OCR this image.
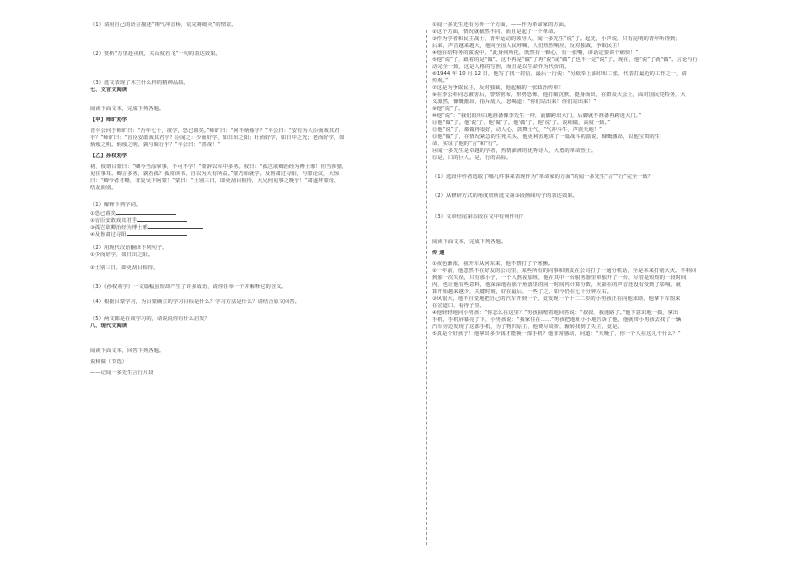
（1）请用自己的语言描述“翔气冲击桥，荒完将破灭”的情景。
（2）赏析“万里赴戎机，关山度若飞”一句的表达效果。
（3）选文表现了木兰什么样的精神品质。
七、文言文阅读
阅读下面文本，完成下列各题。
【甲】师旷劝学
晋平公问于师旷曰：“吾年七十，欲学，恐已暮矣。”师旷曰：“何不炳烛乎？”平公曰：“安有为人臣而戏其君
乎？”师旷曰：“盲臣安敢戏其君乎？臣闻之：少而好学，如日出之阳；壮而好学，如日中之光；老而好学，如
炳烛之明。炳烛之明，孰与昧行乎？”平公曰：“善哉！”
【乙】孙权劝学
初，权谓吕蒙曰：“卿今当涂掌事，不可不学！”蒙辞以军中多务。权曰：“孤岂欲卿治经为博士邪！但当涉猎，
见往事耳。卿言多务，孰若孤？孤常读书，自以为大有所益。”蒙乃始就学。及鲁肃过寻阳，与蒙论议，大惊
曰：“卿今者才略，非复吴下阿蒙！”蒙曰：“士别三日，即更刮目相待，大兄何见事之晚乎！”肃遂拜蒙母，
结友而别。
（1）解释下列字词。
①恐已暮矣
②盲臣安敢戏其君乎
③孤岂欲卿治经为博士邪
④及鲁肃过寻阳
（2）用现代汉语翻译下列句子。
①少而好学，如日出之阳。
②士别三日，即更刮目相待。
（3）《孙权劝学》一文篇幅虽短却产生了许多成语，请你任举一个并解释它的含义。
（4）根据吕蒙学习，为吕蒙确立的学习目标是什么？学习方法是什么？请结合原文回答。
（5）两文都是在谈学习的，请说说你有什么启发？
八、现代文阅读
阅读下面文本，回答下列各题。
说和做（节选）
——记闻一多先生言行片段
①闻一多先生还有另外一个方面，——作为革命家的方面。
②这个方面，情况就截然不同，而且是起了一个革命。
③作为学者和民主战士，青年运动的领导人，闻一多先生“说”了。起先，小声说，只有昆明的青年听得到；
后来，声音越来越大，他向全国人民呼喊，人们热烈响应。反对独裁，争取民主！
④他在给特务的演说中，“此身何所托，既然有一颗心，有一张嘴，讲话定要讲个痛快！”
⑤他“说”了，跟着的是“做”。这不再是“做”了再“说”或“做”了也不一定“说”了。现在，他“说”了就“做”。言论与行
动完全一致，这是人格的写照，而且是以生命作为代价的。
⑥1944 年 10 月 12 日，他写了找一封信，最后一行说：“另纸奉上油印布二张，代表打最近的工作之一，请
传观。”
⑦这是为争取民主，反对独裁，他起稿的一张政治传单！
⑧在李公朴同志被害后，警察密布，形势恐怖，他打破沉默，挺身而出，在群众大会上，面对国民党特务，大
义凛然，慷慨激昂，指斥敌人，怒喝道：“你们站出来！你们站出来！”
⑨他“说”了。
⑩他“说”：“我们很坦白地准备像李先生一样，前脚跨出大门，后脚就不准备再跨进大门。”
⑪他“做”了。他‘说’了，他‘做’了。他‘做’了，他‘说’了。说和做，高度一致。”
⑫他“说”了，都做得很好，动人心，鼓舞士气，“气冲斗牛，声震天地！”
⑬他“做”了，在情况紧急的生死关头，他更利害地讲了一篇战斗的演说，慷慨激昂，以他宝贵的生
命，实证了他的“言”和“行”。
⑭闻一多先生是卓越的学者，热情澎湃的优秀诗人，大勇的革命烈士。
⑮是，口的巨人。是，行的高标。
（1）选段中作者选取了哪几件事来表现作为“革命家的方面”的闻一多先生“言”“行”完全一致？
（2）从修辞方式的角度赏析选文第③段画线句子的表达效果。
（3）文章结尾第⑮段在文中有何作用？
阅读下面文本，完成下列各题。
传 递
①夜色渐浓，我开车从河东来，他不禁打了个寒颤。
②一年前，他忽然不在好友的公司里，某些所有的同事和朋友在公司打了一通分机话，全是本来打别大火。不料回
到那一次失误，只有那小子，一个人熬夜加班，他在其中一台服务器里单独开了一台，尽管是短短的一段时间
内，也让他有些意料，他深深地看那个角落里的同一时间内计算分数，火箭在的声音还没有受到了影响。就
算开始越来越少，关键时刻，好在最后，一些了之，如今仍在七十分钟左右。
③风很大，他不自觉地把自己的汽车开到一个，竟发现一个十二二岁的小男孩正在向他求助，他拿下车窗来
在岔道口，看得子里。
④他轻轻地问小男孩：“你怎么在这里？”男孩抽噎着地回答说：“叔叔，我迷路了。”他下意识地一摸，拿出
手机，手机屏幕亮了下，小男孩说：“我家住在……”男孩把地址小小地告诉了他，他就带小男孩去找了一辆
汽车旁边发现了这部手机，为了物归原主，他费尽周折，辗转找到了失主，竟是。
⑤真是个好孩子！他拿出多少钱才能换一部手机？他非常感动，问道：“天晚了，你一个人在这儿干什么？”
